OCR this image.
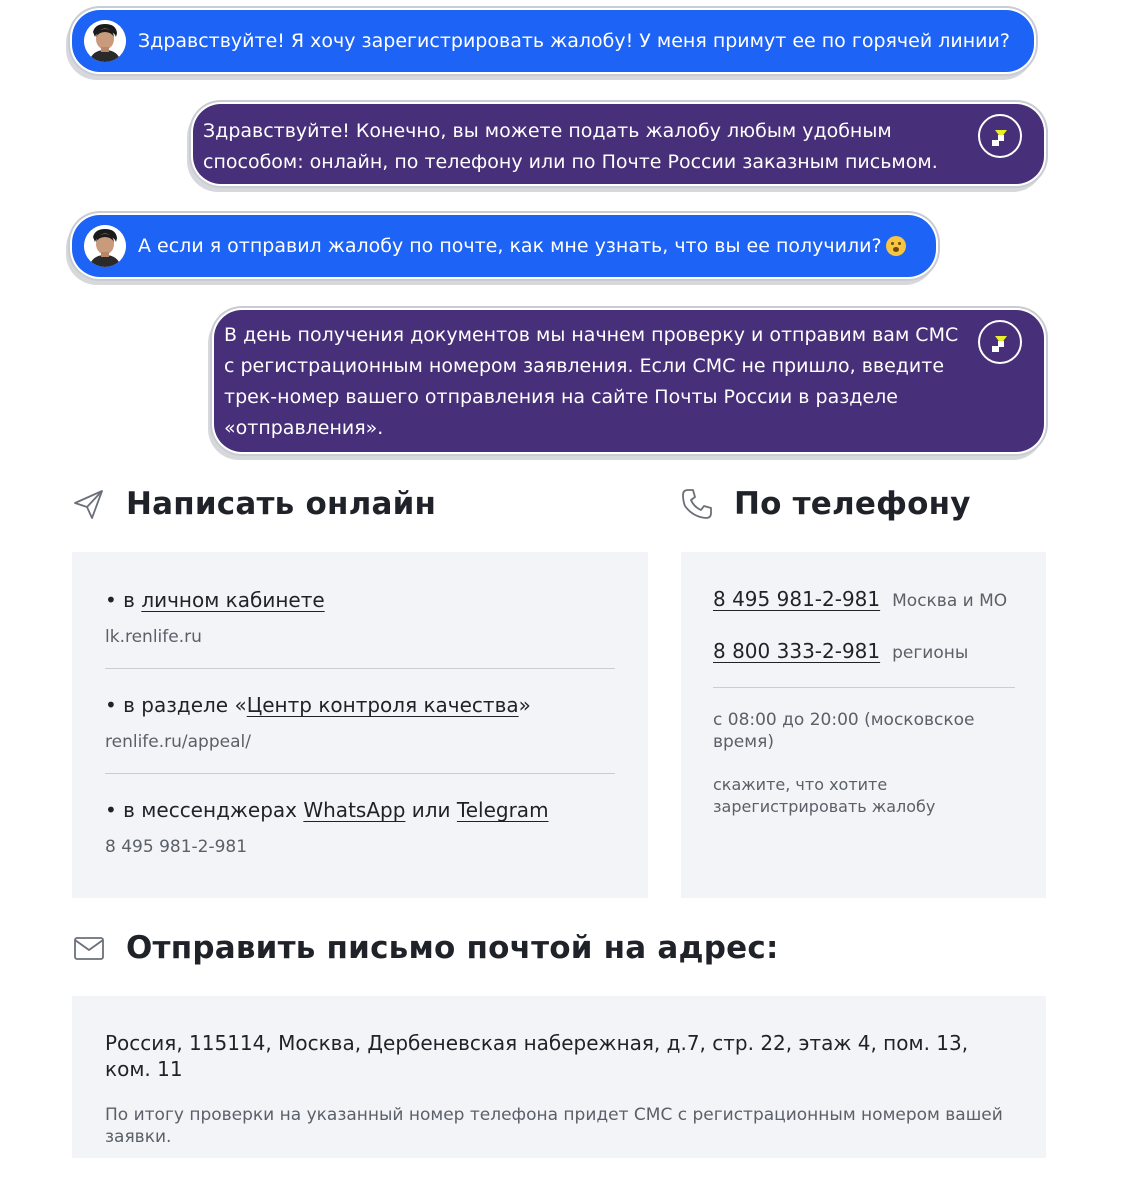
Здравствуйте! Я хочу зарегистрировать жалобу! У меня примут ее по горячей линии?
Здравствуйте! Конечно, вы можете подать жалобу любым удобным способом: онлайн, по телефону или по Почте России заказным письмом.
А если я отправил жалобу по почте, как мне узнать, что вы ее получили?
В день получения документов мы начнем проверку и отправим вам СМС с регистрационным номером заявления. Если СМС не пришло, введите трек-номер вашего отправления на сайте Почты России в разделе «отправления».
Написать онлайн
• в личном кабинете
lk.renlife.ru
• в разделе «Центр контроля качества»
renlife.ru/appeal/
• в мессенджерах WhatsApp или Telegram
8 495 981-2-981
По телефону
8 495 981-2-981 Москва и МО
8 800 333-2-981 регионы
с 08:00 до 20:00 (московское время)
скажите, что хотите зарегистрировать жалобу
Отправить письмо почтой на адрес:
Россия, 115114, Москва, Дербеневская набережная, д.7, стр. 22, этаж 4, пом. 13, ком. 11
По итогу проверки на указанный номер телефона придет СМС с регистрационным номером вашей заявки.
